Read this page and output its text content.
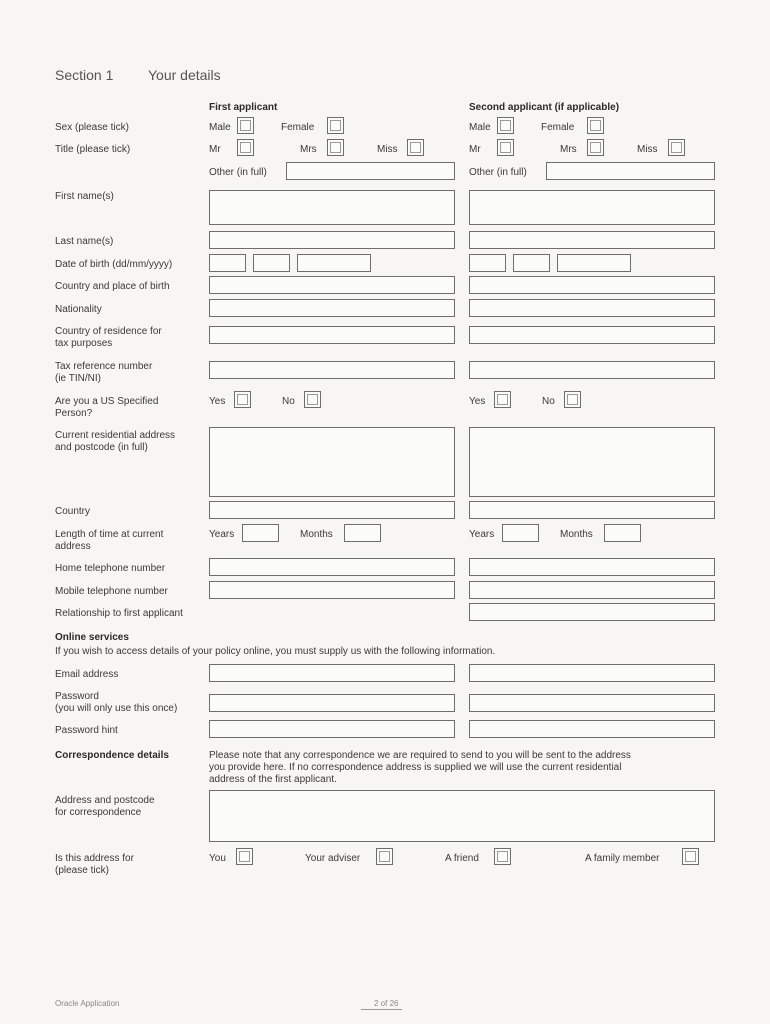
Section 1 Your details
First applicant	Second applicant (if applicable)
Sex (please tick)	Male	Female	Male	Female
Title (please tick)	Mr	Mrs	Miss	Mr	Mrs	Miss
Other (in full)	Other (in full)
First name(s)
Last name(s)
Date of birth (dd/mm/yyyy)
Country and place of birth
Nationality
Country of residence for
tax purposes
Tax reference number
(ie TIN/NI)
Are you a US Specified
Person?
Yes	No	Yes	No
Current residential address
and postcode (in full)
Country
Length of time at current
address
Years	Months	Years	Months
Home telephone number
Mobile telephone number
Relationship to first applicant
Online services
If you wish to access details of your policy online, you must supply us with the following information.
Email address
Password
(you will only use this once)
Password hint
Correspondence details	Please note that any correspondence we are required to send to you will be sent to the address
you provide here. If no correspondence address is supplied we will use the current residential
address of the first applicant.
Address and postcode
for correspondence
Is this address for
(please tick)
You	Your adviser	A friend	A family member
Oracle Application	2 of 26
